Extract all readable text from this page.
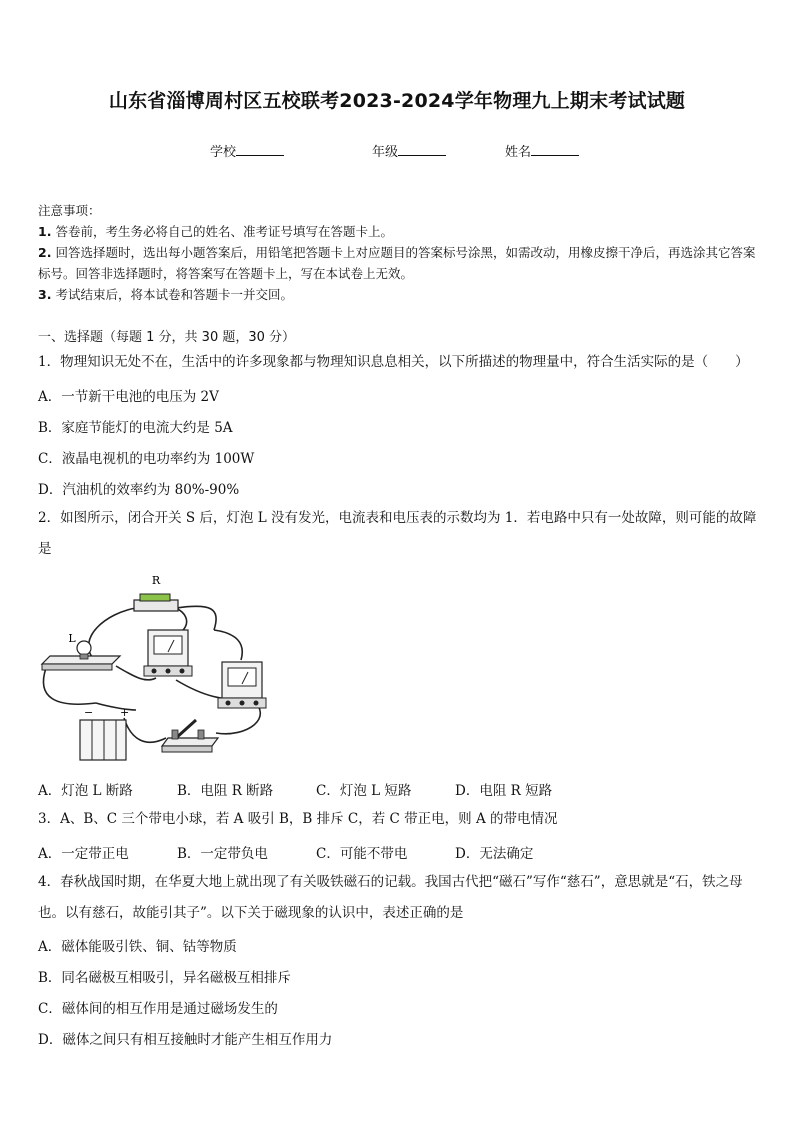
山东省淄博周村区五校联考2023-2024学年物理九上期末考试试题
学校	年级	姓名
注意事项：
1. 答卷前，考生务必将自己的姓名、准考证号填写在答题卡上。
2. 回答选择题时，选出每小题答案后，用铅笔把答题卡上对应题目的答案标号涂黑，如需改动，用橡皮擦干净后，再选涂其它答案标号。回答非选择题时，将答案写在答题卡上，写在本试卷上无效。
3. 考试结束后，将本试卷和答题卡一并交回。
一、选择题（每题 1 分，共 30 题，30 分）
1．物理知识无处不在，生活中的许多现象都与物理知识息息相关，以下所描述的物理量中，符合生活实际的是（　　）
A．一节新干电池的电压为 2V
B．家庭节能灯的电流大约是 5A
C．液晶电视机的电功率约为 100W
D．汽油机的效率约为 80%-90%
2．如图所示，闭合开关 S 后，灯泡 L 没有发光，电流表和电压表的示数均为 1．若电路中只有一处故障，则可能的故障是
R
L
− +
A．灯泡 L 断路	B．电阻 R 断路	C．灯泡 L 短路	D．电阻 R 短路
3．A、B、C 三个带电小球，若 A 吸引 B，B 排斥 C，若 C 带正电，则 A 的带电情况
A．一定带正电	B．一定带负电	C．可能不带电	D．无法确定
4．春秋战国时期，在华夏大地上就出现了有关吸铁磁石的记载。我国古代把“磁石”写作“慈石”，意思就是“石，铁之母也。以有慈石，故能引其子”。以下关于磁现象的认识中，表述正确的是
A．磁体能吸引铁、铜、钴等物质
B．同名磁极互相吸引，异名磁极互相排斥
C．磁体间的相互作用是通过磁场发生的
D．磁体之间只有相互接触时才能产生相互作用力
